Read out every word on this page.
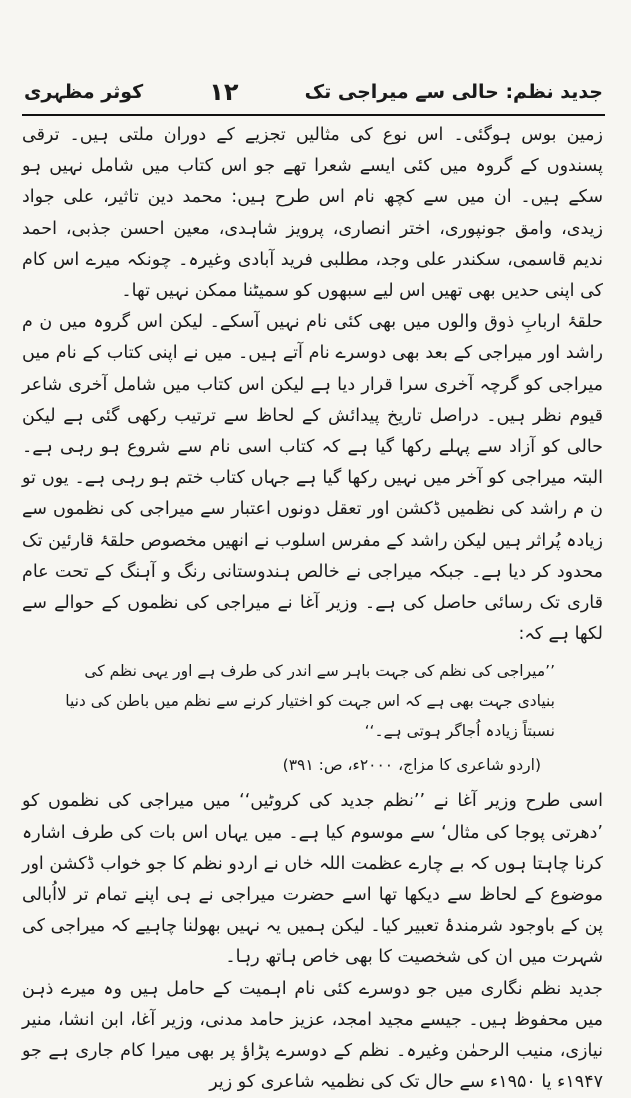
جدید نظم: حالی سے میراجی تک
۱۲
کوثر مظہری

زمین بوس ہوگئی۔ اس نوع کی مثالیں تجزیے کے دوران ملتی ہیں۔ ترقی پسندوں کے گروہ میں کئی ایسے شعرا تھے جو اس کتاب میں شامل نہیں ہو سکے ہیں۔ ان میں سے کچھ نام اس طرح ہیں: محمد دین تاثیر، علی جواد زیدی، وامق جونپوری، اختر انصاری، پرویز شاہدی، معین احسن جذبی، احمد ندیم قاسمی، سکندر علی وجد، مطلبی فرید آبادی وغیرہ۔ چونکہ میرے اس کام کی اپنی حدیں بھی تھیں اس لیے سبھوں کو سمیٹنا ممکن نہیں تھا۔

حلقۂ اربابِ ذوق والوں میں بھی کئی نام نہیں آسکے۔ لیکن اس گروہ میں ن م راشد اور میراجی کے بعد بھی دوسرے نام آتے ہیں۔ میں نے اپنی کتاب کے نام میں میراجی کو گرچہ آخری سرا قرار دیا ہے لیکن اس کتاب میں شامل آخری شاعر قیوم نظر ہیں۔ دراصل تاریخ پیدائش کے لحاظ سے ترتیب رکھی گئی ہے لیکن حالی کو آزاد سے پہلے رکھا گیا ہے کہ کتاب اسی نام سے شروع ہو رہی ہے۔ البتہ میراجی کو آخر میں نہیں رکھا گیا ہے جہاں کتاب ختم ہو رہی ہے۔ یوں تو ن م راشد کی نظمیں ڈکشن اور تعقل دونوں اعتبار سے میراجی کی نظموں سے زیادہ پُراثر ہیں لیکن راشد کے مفرس اسلوب نے انھیں مخصوص حلقۂ قارئین تک محدود کر دیا ہے۔ جبکہ میراجی نے خالص ہندوستانی رنگ و آہنگ کے تحت عام قاری تک رسائی حاصل کی ہے۔ وزیر آغا نے میراجی کی نظموں کے حوالے سے لکھا ہے کہ:

’’میراجی کی نظم کی جہت باہر سے اندر کی طرف ہے اور یہی نظم کی بنیادی جہت بھی ہے کہ اس جہت کو اختیار کرنے سے نظم میں باطن کی دنیا نسبتاً زیادہ اُجاگر ہوتی ہے۔‘‘

(اردو شاعری کا مزاج، ۲۰۰۰ء، ص: ۳۹۱)

اسی طرح وزیر آغا نے ’’نظم جدید کی کروٹیں‘‘ میں میراجی کی نظموں کو ’دھرتی پوجا کی مثال‘ سے موسوم کیا ہے۔ میں یہاں اس بات کی طرف اشارہ کرنا چاہتا ہوں کہ بے چارے عظمت اللہ خاں نے اردو نظم کا جو خواب ڈکشن اور موضوع کے لحاظ سے دیکھا تھا اسے حضرت میراجی نے ہی اپنے تمام تر لااُبالی پن کے باوجود شرمندۂ تعبیر کیا۔ لیکن ہمیں یہ نہیں بھولنا چاہیے کہ میراجی کی شہرت میں ان کی شخصیت کا بھی خاص ہاتھ رہا۔

جدید نظم نگاری میں جو دوسرے کئی نام اہمیت کے حامل ہیں وہ میرے ذہن میں محفوظ ہیں۔ جیسے مجید امجد، عزیز حامد مدنی، وزیر آغا، ابن انشا، منیر نیازی، منیب الرحمٰن وغیرہ۔ نظم کے دوسرے پڑاؤ پر بھی میرا کام جاری ہے جو ۱۹۴۷ء یا ۱۹۵۰ء سے حال تک کی نظمیہ شاعری کو زیر
